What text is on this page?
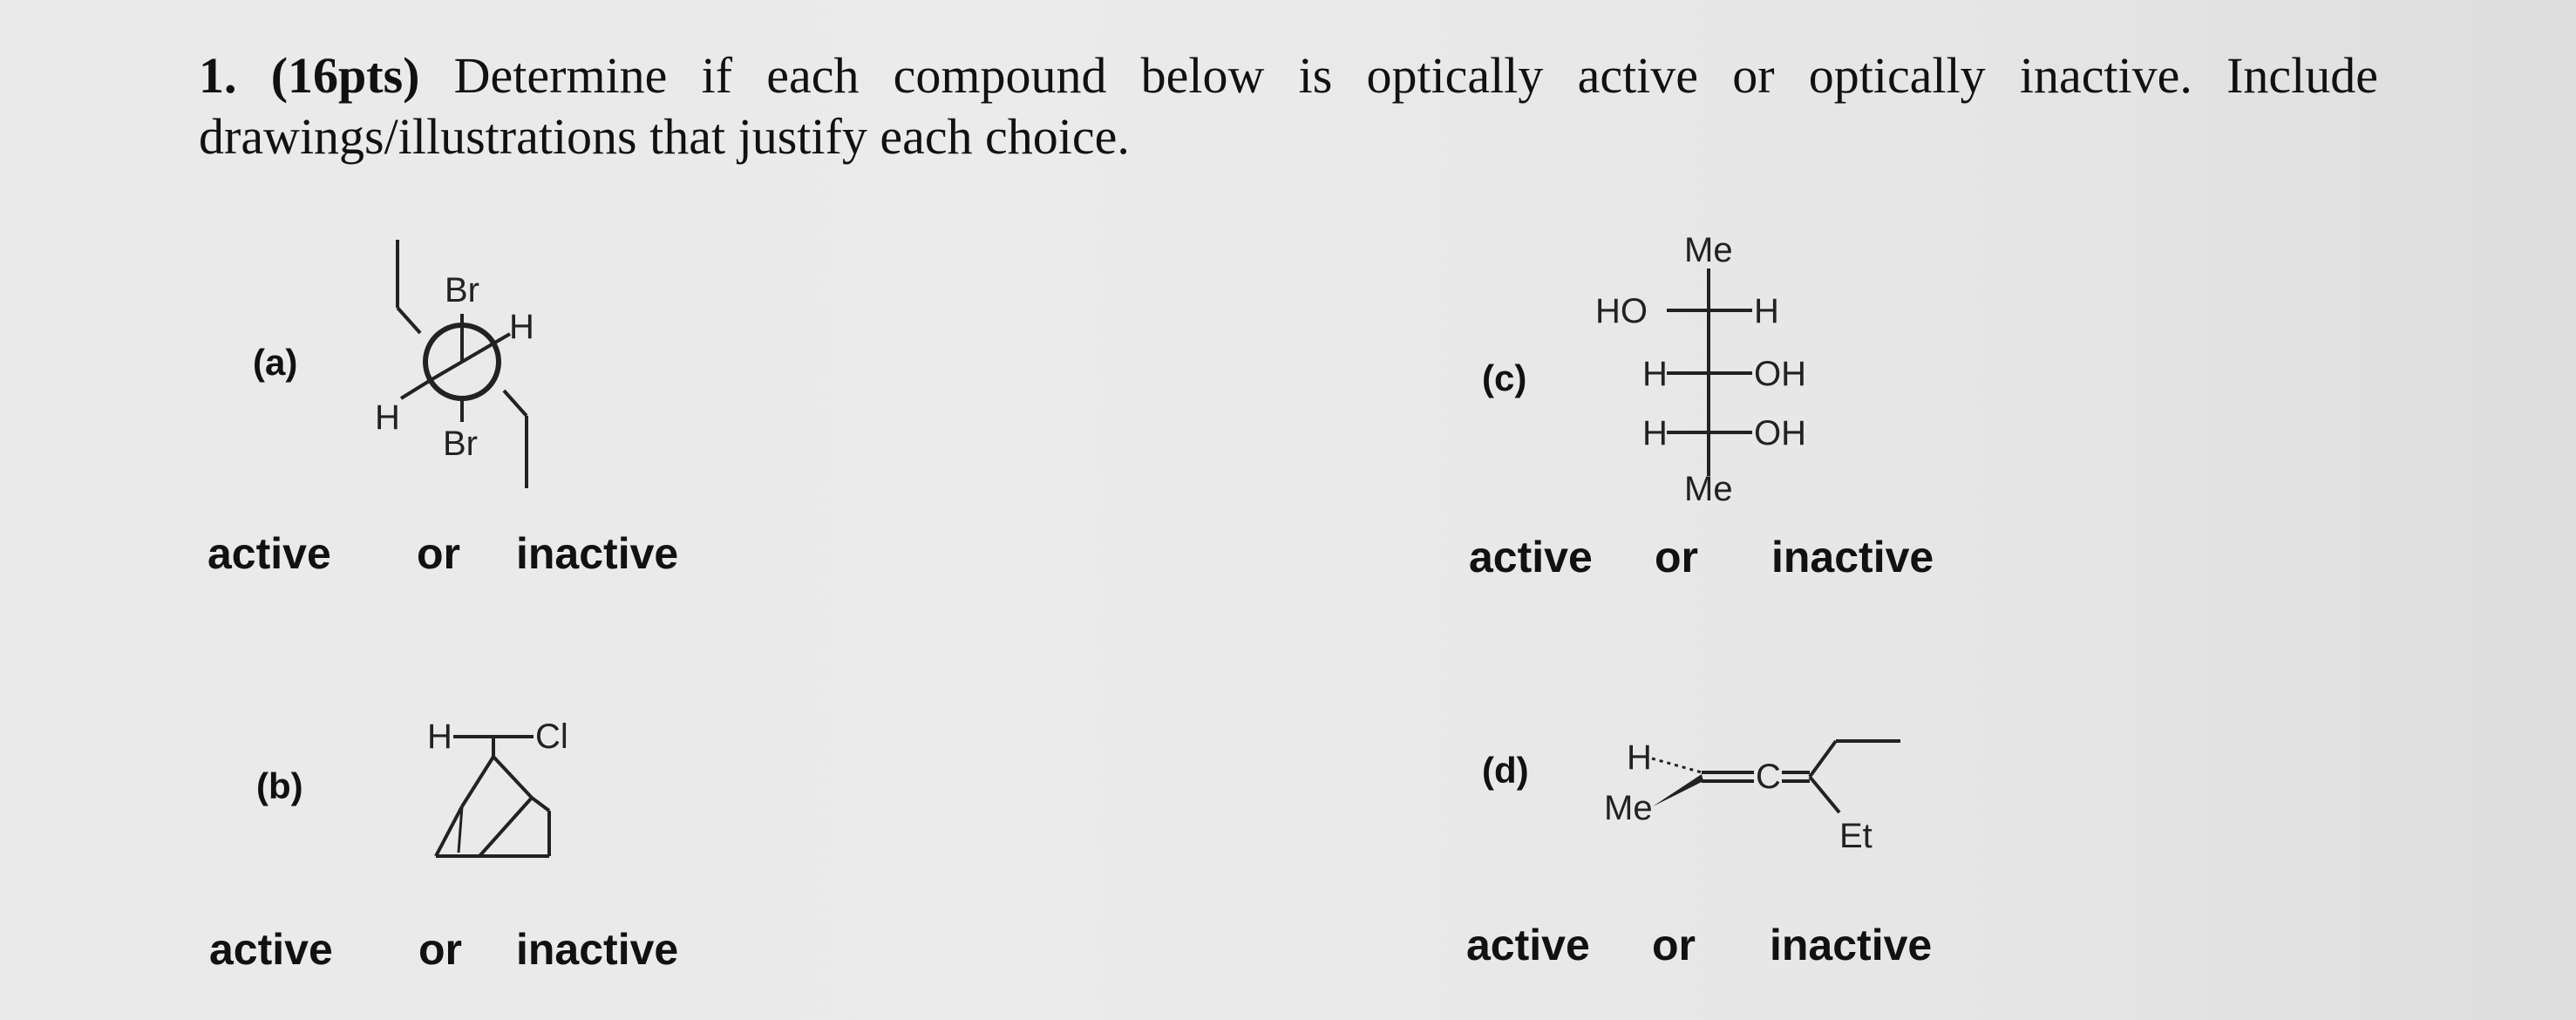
1. (16pts) Determine if each compound below is optically active or optically inactive. Include
drawings/illustrations that justify each choice.
(a)
Br
H
H
Br
active or inactive
(b)
H Cl
active or inactive
(c)
Me
HO	H
H OH
H OH
Me
active or inactive
(d)	H
Me
C
Et
active or inactive
